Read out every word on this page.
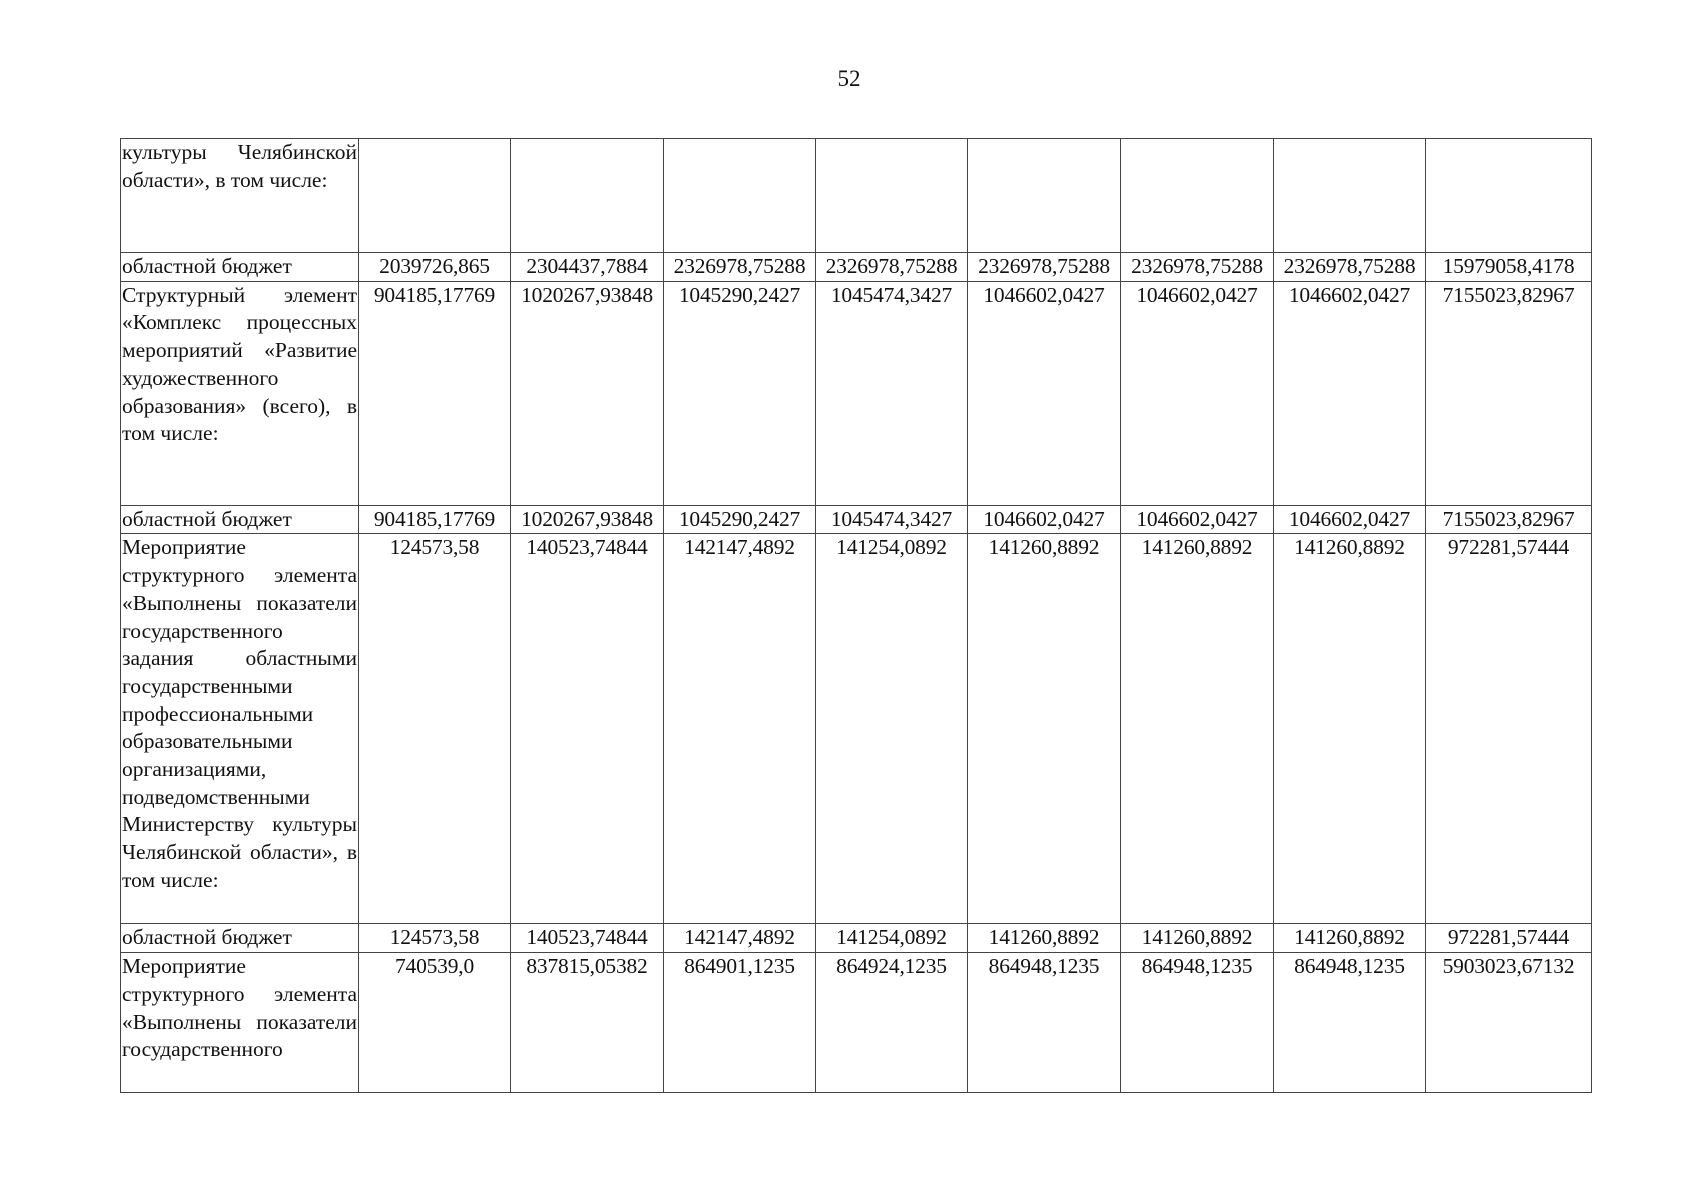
52
культуры Челябинской области», в том числе:								
областной бюджет	2039726,865	2304437,7884	2326978,75288	2326978,75288	2326978,75288	2326978,75288	2326978,75288	15979058,4178
Структурный элемент «Комплекс процессных мероприятий «Развитие художественного образования» (всего), в том числе:	904185,17769	1020267,93848	1045290,2427	1045474,3427	1046602,0427	1046602,0427	1046602,0427	7155023,82967
областной бюджет	904185,17769	1020267,93848	1045290,2427	1045474,3427	1046602,0427	1046602,0427	1046602,0427	7155023,82967
Мероприятие структурного элемента «Выполнены показатели государственного задания областными государственными профессиональными образовательными организациями, подведомственными Министерству культуры Челябинской области», в том числе:	124573,58	140523,74844	142147,4892	141254,0892	141260,8892	141260,8892	141260,8892	972281,57444
областной бюджет	124573,58	140523,74844	142147,4892	141254,0892	141260,8892	141260,8892	141260,8892	972281,57444
Мероприятие структурного элемента «Выполнены показатели государственного	740539,0	837815,05382	864901,1235	864924,1235	864948,1235	864948,1235	864948,1235	5903023,67132
